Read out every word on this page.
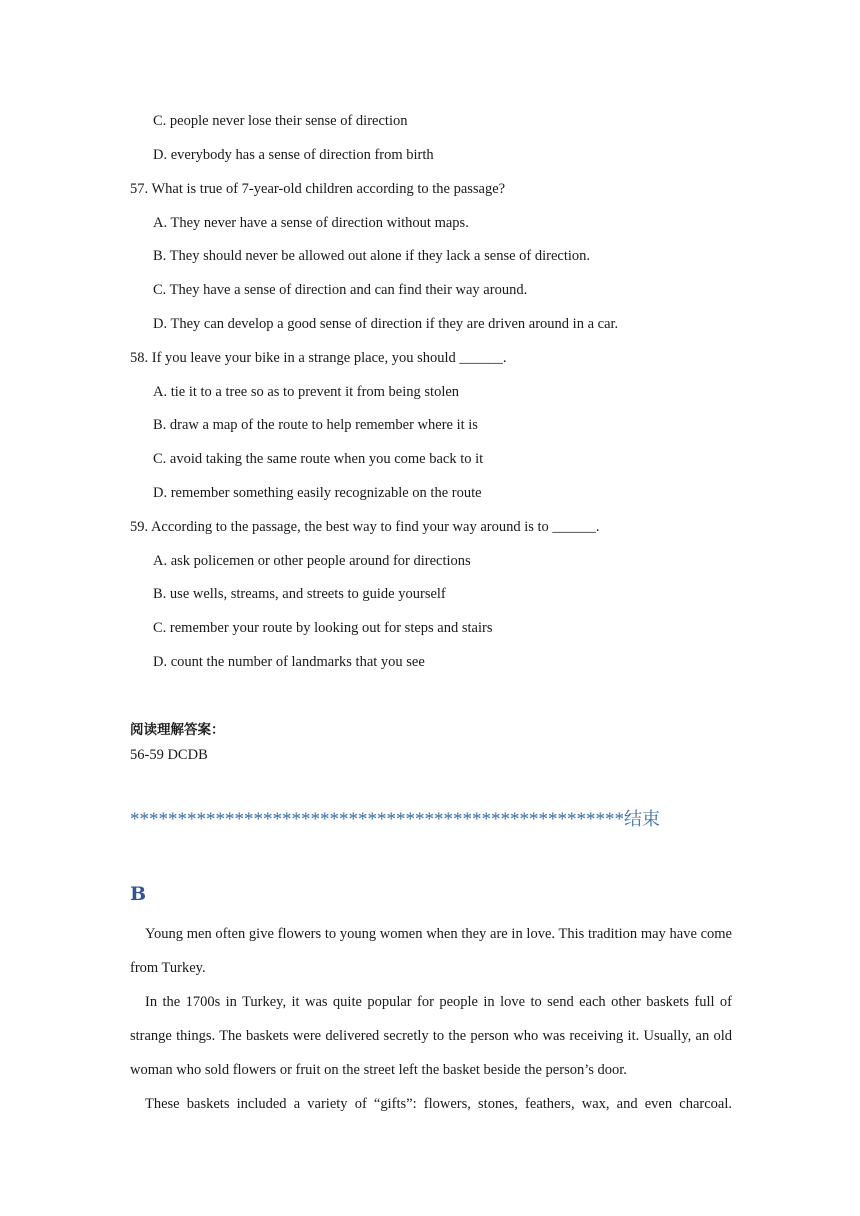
C. people never lose their sense of direction
D. everybody has a sense of direction from birth
57. What is true of 7-year-old children according to the passage?
A. They never have a sense of direction without maps.
B. They should never be allowed out alone if they lack a sense of direction.
C. They have a sense of direction and can find their way around.
D. They can develop a good sense of direction if they are driven around in a car.
58. If you leave your bike in a strange place, you should ______.
A. tie it to a tree so as to prevent it from being stolen
B. draw a map of the route to help remember where it is
C. avoid taking the same route when you come back to it
D. remember something easily recognizable on the route
59. According to the passage, the best way to find your way around is to ______.
A. ask policemen or other people around for directions
B. use wells, streams, and streets to guide yourself
C. remember your route by looking out for steps and stairs
D. count the number of landmarks that you see
阅读理解答案：
56-59 DCDB
****************************************************结束
B
Young men often give flowers to young women when they are in love. This tradition may have come from Turkey.
In the 1700s in Turkey, it was quite popular for people in love to send each other baskets full of strange things. The baskets were delivered secretly to the person who was receiving it. Usually, an old woman who sold flowers or fruit on the street left the basket beside the person’s door.
These baskets included a variety of “gifts”: flowers, stones, feathers, wax, and even charcoal.
